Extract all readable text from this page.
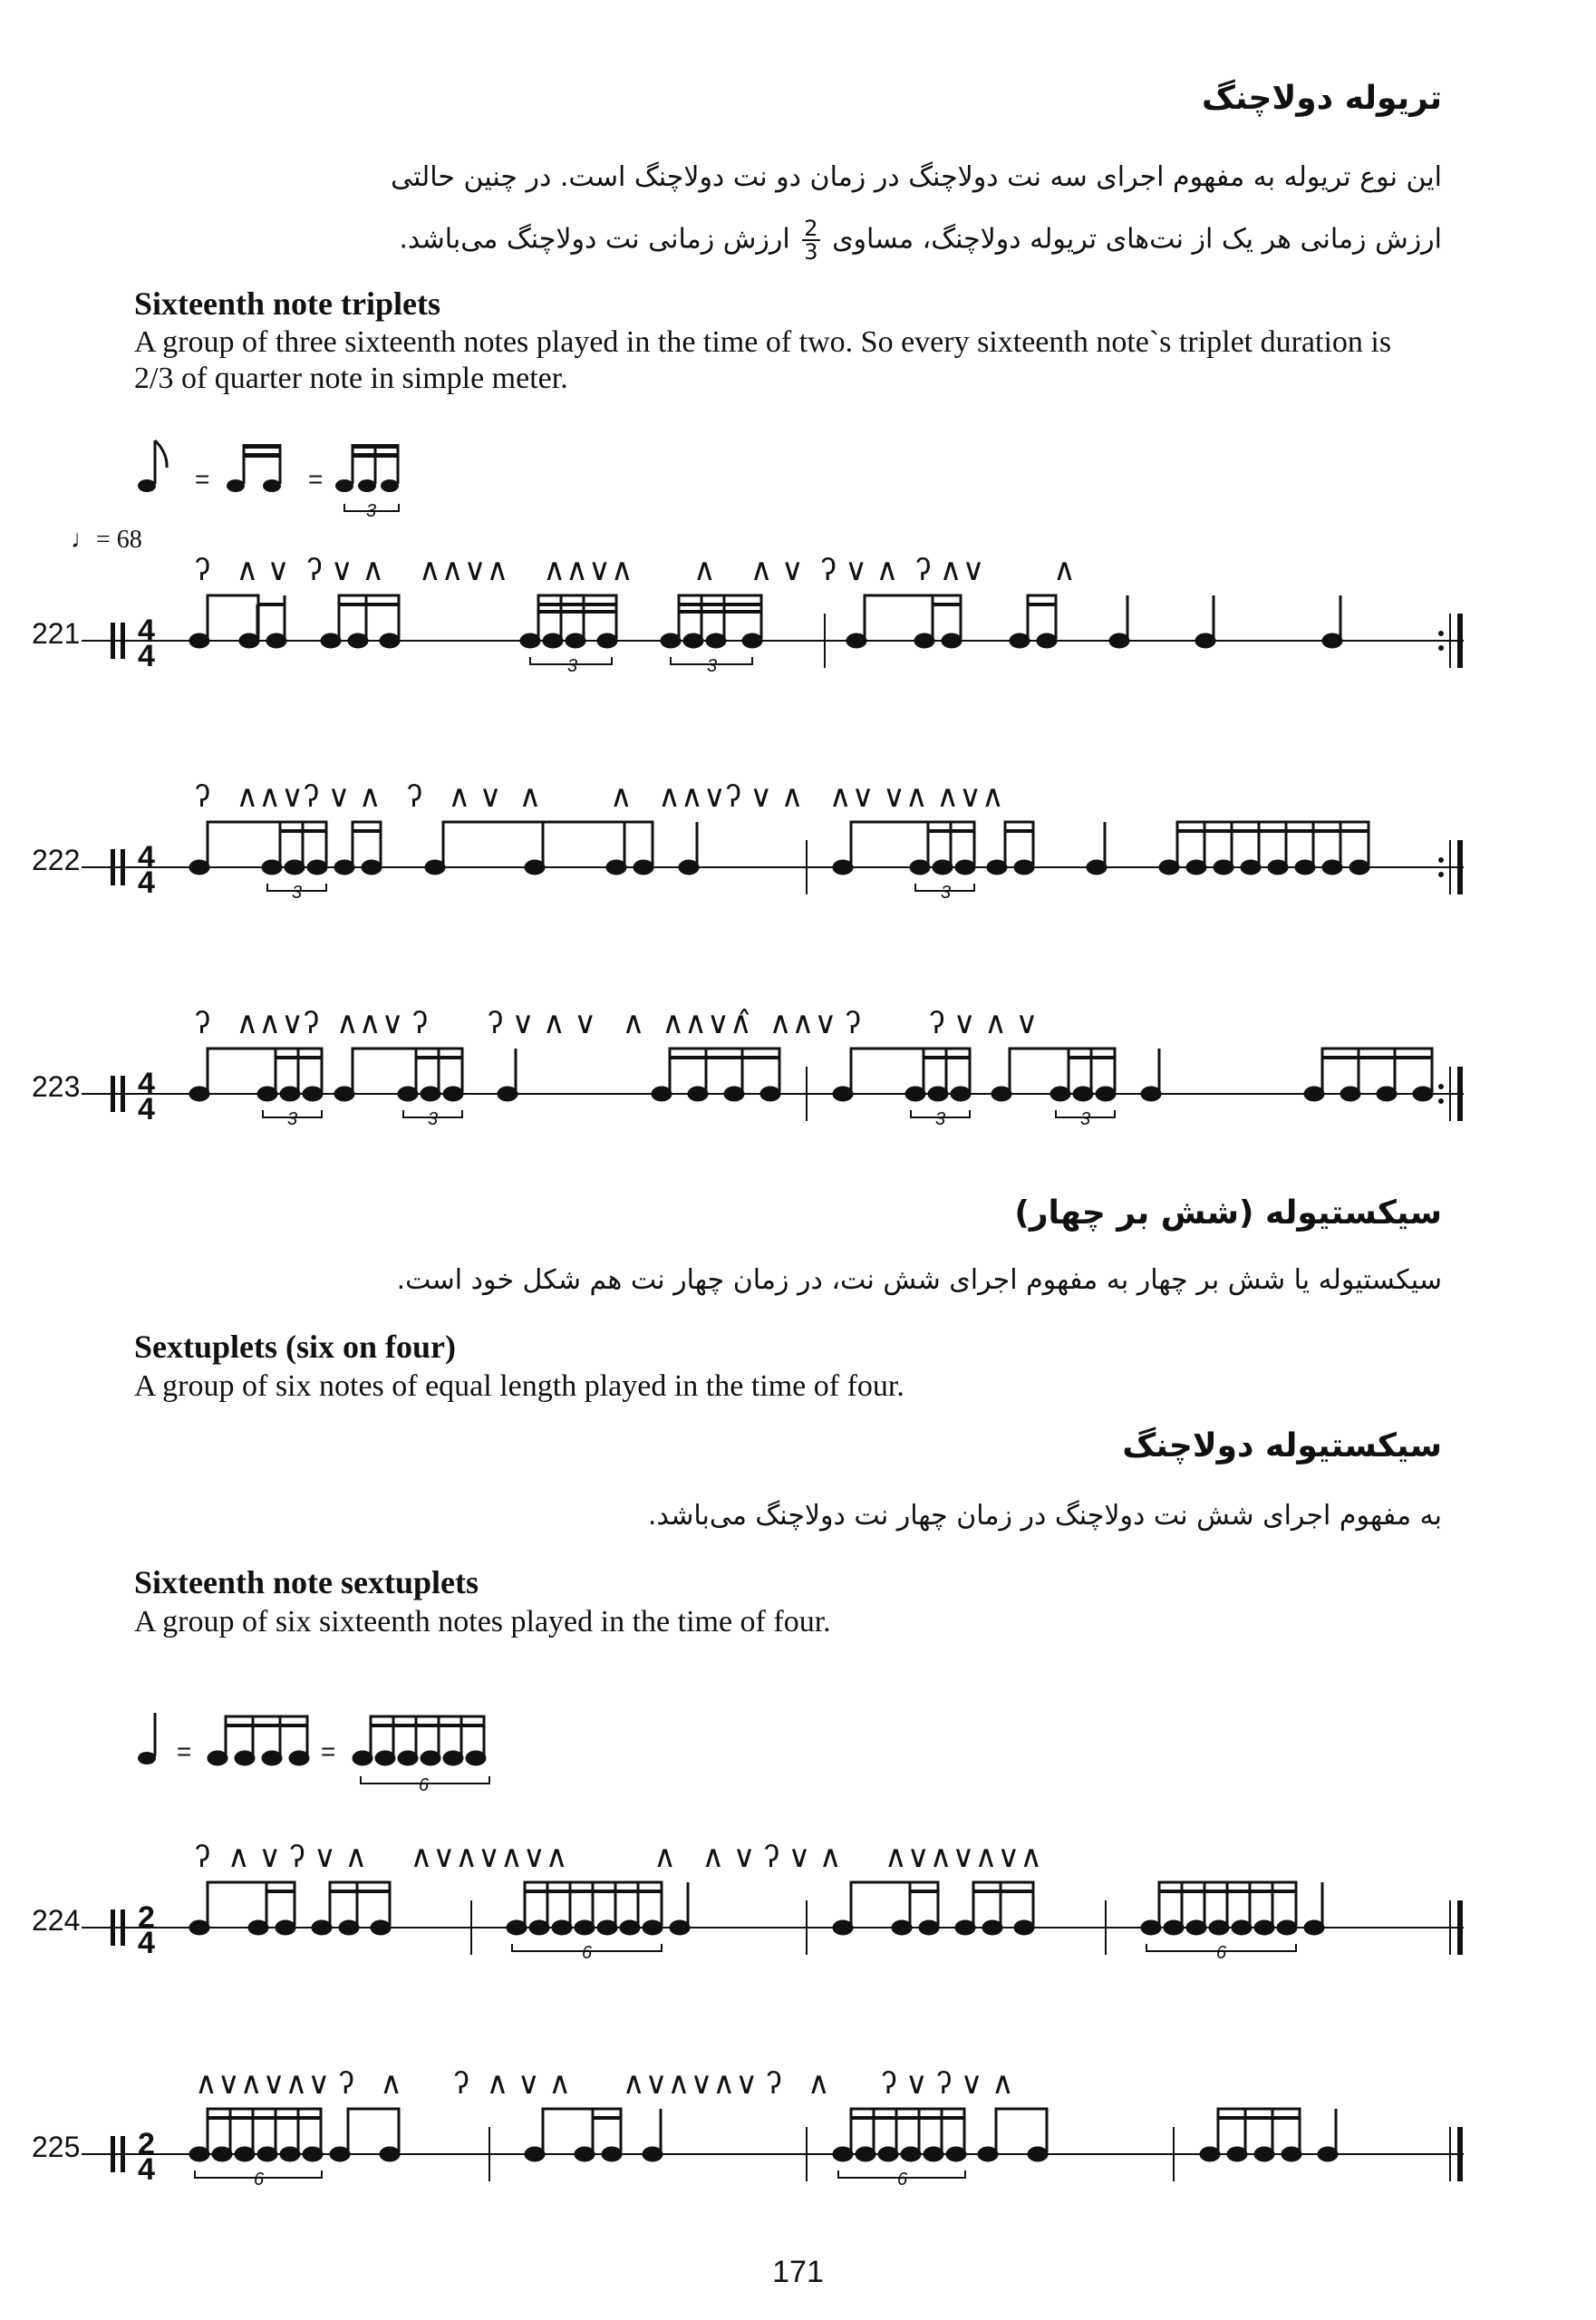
تریوله دولاچنگ
این نوع تریوله به مفهوم اجرای سه نت دولاچنگ در زمان دو نت دولاچنگ است. در چنین حالتی
ارزش زمانی هر یک از نت‌های تریوله دولاچنگ، مساوی
$\frac{2}{3}$
ارزش زمانی نت دولاچنگ می‌باشد.
Sixteenth note triplets
A group of three sixteenth notes played in the time of two. So every sixteenth note`s triplet duration is 2/3 of quarter note in simple meter.
=	=
3
♩= 68
ʔ   ∧ ∨  ʔ ∨ ∧    ∧∧∨∧    ∧∧∨∧       ∧    ∧ ∨  ʔ ∨ ∧  ʔ ∧∨        ∧
221 4
4	3	3
ʔ   ∧∧∨ʔ ∨ ∧   ʔ   ∧ ∨  ∧        ∧   ∧∧∨ʔ ∨ ∧   ∧∨ ∨∧ ∧∨∧
222 4
4	3	3
ʔ   ∧∧∨ʔ  ∧∧∨ ʔ       ʔ ∨ ∧ ∨   ∧  ∧∧∨∧̂  ∧∧∨ ʔ        ʔ ∨ ∧ ∨
223 4
4	3	3	3	3
سیکستیوله (شش بر چهار)
سیکستیوله یا شش بر چهار به مفهوم اجرای شش نت، در زمان چهار نت هم شکل خود است.
Sextuplets (six on four)
A group of six notes of equal length played in the time of four.
سیکستیوله دولاچنگ
به مفهوم اجرای شش نت دولاچنگ در زمان چهار نت دولاچنگ می‌باشد.
Sixteenth note sextuplets
A group of six sixteenth notes played in the time of four.
=	=
6
ʔ  ∧ ∨ ʔ ∨ ∧     ∧∨∧∨∧∨∧          ∧   ∧ ∨ ʔ ∨ ∧     ∧∨∧∨∧∨∧
224 2
4	6	6
∧∨∧∨∧∨ ʔ   ∧      ʔ  ∧ ∨ ∧      ∧∨∧∨∧∨ ʔ   ∧      ʔ ∨ ʔ ∨ ∧
225 2
4	6	6
171
